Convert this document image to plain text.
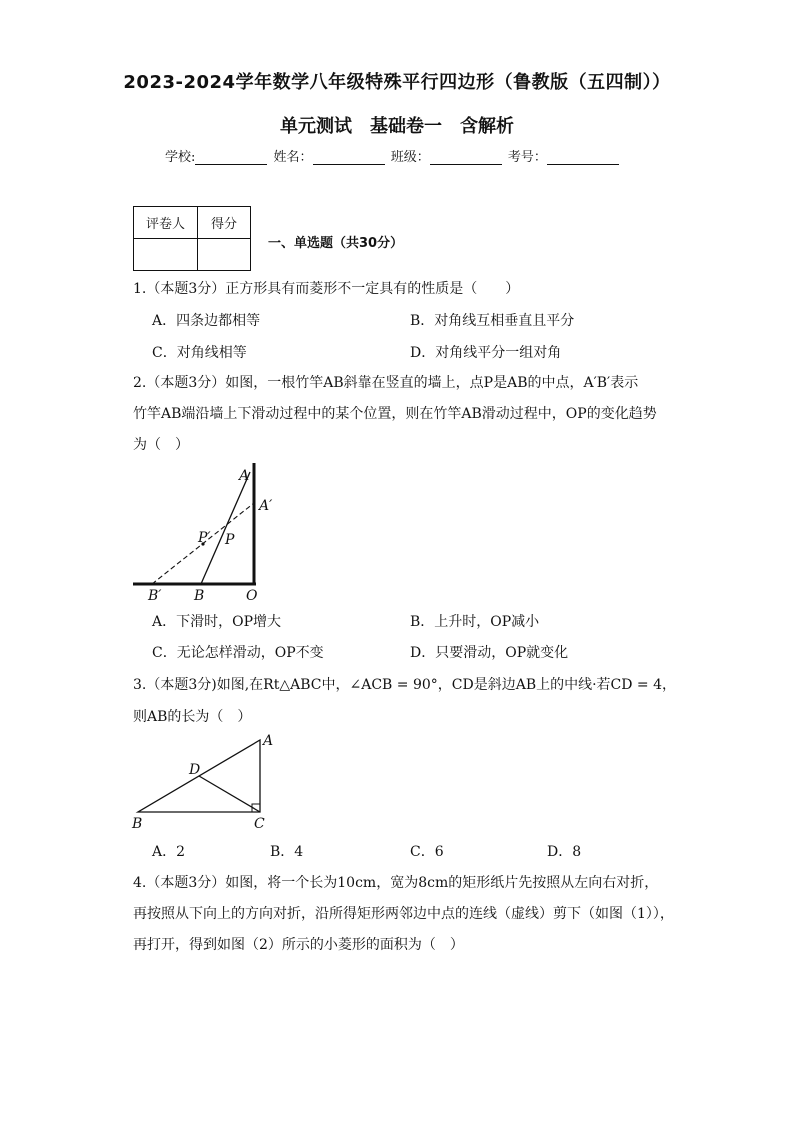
2023-2024学年数学八年级特殊平行四边形（鲁教版（五四制））
单元测试　基础卷一　含解析
学校:	姓名：	班级：	考号：
评卷人	得分

一、单选题（共30分）
1.（本题3分）正方形具有而菱形不一定具有的性质是（　　）
A．四条边都相等	B．对角线互相垂直且平分
C．对角线相等	D．对角线平分一组对角
2.（本题3分）如图，一根竹竿AB斜靠在竖直的墙上，点P是AB的中点，A′B′表示
竹竿AB端沿墙上下滑动过程中的某个位置，则在竹竿AB滑动过程中，OP的变化趋势
为（　）
A
A′
P′ P
B′ B	O
A．下滑时，OP增大	B．上升时，OP减小
C．无论怎样滑动，OP不变	D．只要滑动，OP就变化
3.（本题3分)如图,在Rt△ABC中，∠ACB = 90°，CD是斜边AB上的中线·若CD = 4，
则AB的长为（　）
A
D
B	C
A．2	B．4	C．6	D．8
4.（本题3分）如图，将一个长为10cm，宽为8cm的矩形纸片先按照从左向右对折，
再按照从下向上的方向对折，沿所得矩形两邻边中点的连线（虚线）剪下（如图（1）），
再打开，得到如图（2）所示的小菱形的面积为（　）
